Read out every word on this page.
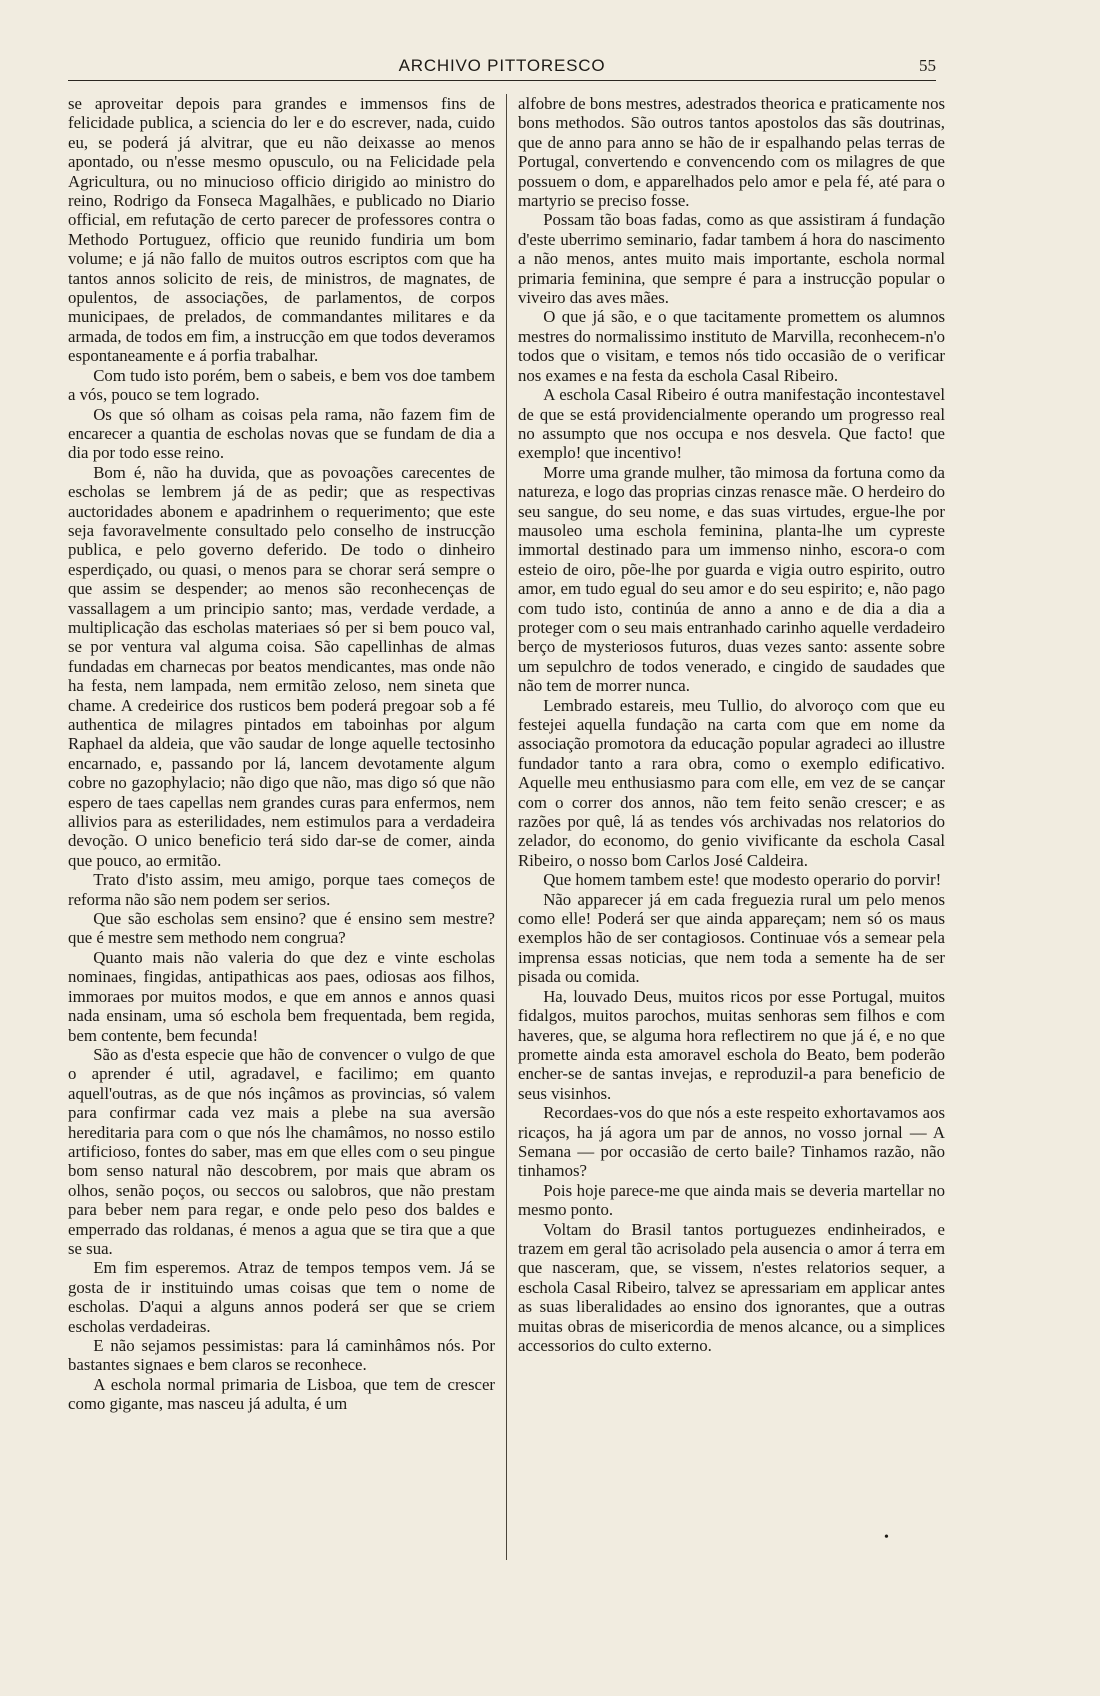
ARCHIVO PITTORESCO	55

se aproveitar depois para grandes e immensos fins de felicidade publica, a sciencia do ler e do escrever, nada, cuido eu, se poderá já alvitrar, que eu não deixasse ao menos apontado, ou n'esse mesmo opusculo, ou na Felicidade pela Agricultura, ou no minucioso officio dirigido ao ministro do reino, Rodrigo da Fonseca Magalhães, e publicado no Diario official, em refutação de certo parecer de professores contra o Methodo Portuguez, officio que reunido fundiria um bom volume; e já não fallo de muitos outros escriptos com que ha tantos annos solicito de reis, de ministros, de magnates, de opulentos, de associações, de parlamentos, de corpos municipaes, de prelados, de commandantes militares e da armada, de todos em fim, a instrucção em que todos deveramos espontaneamente e á porfia trabalhar.

Com tudo isto porém, bem o sabeis, e bem vos doe tambem a vós, pouco se tem logrado.

Os que só olham as coisas pela rama, não fazem fim de encarecer a quantia de escholas novas que se fundam de dia a dia por todo esse reino.

Bom é, não ha duvida, que as povoações carecentes de escholas se lembrem já de as pedir; que as respectivas auctoridades abonem e apadrinhem o requerimento; que este seja favoravelmente consultado pelo conselho de instrucção publica, e pelo governo deferido. De todo o dinheiro esperdiçado, ou quasi, o menos para se chorar será sempre o que assim se despender; ao menos são reconhecenças de vassallagem a um principio santo; mas, verdade verdade, a multiplicação das escholas materiaes só per si bem pouco val, se por ventura val alguma coisa. São capellinhas de almas fundadas em charnecas por beatos mendicantes, mas onde não ha festa, nem lampada, nem ermitão zeloso, nem sineta que chame. A credeirice dos rusticos bem poderá pregoar sob a fé authentica de milagres pintados em taboinhas por algum Raphael da aldeia, que vão saudar de longe aquelle tectosinho encarnado, e, passando por lá, lancem devotamente algum cobre no gazophylacio; não digo que não, mas digo só que não espero de taes capellas nem grandes curas para enfermos, nem allivios para as esterilidades, nem estimulos para a verdadeira devoção. O unico beneficio terá sido dar-se de comer, ainda que pouco, ao ermitão.

Trato d'isto assim, meu amigo, porque taes começos de reforma não são nem podem ser serios.

Que são escholas sem ensino? que é ensino sem mestre? que é mestre sem methodo nem congrua?

Quanto mais não valeria do que dez e vinte escholas nominaes, fingidas, antipathicas aos paes, odiosas aos filhos, immoraes por muitos modos, e que em annos e annos quasi nada ensinam, uma só eschola bem frequentada, bem regida, bem contente, bem fecunda!

São as d'esta especie que hão de convencer o vulgo de que o aprender é util, agradavel, e facilimo; em quanto aquell'outras, as de que nós inçâmos as provincias, só valem para confirmar cada vez mais a plebe na sua aversão hereditaria para com o que nós lhe chamâmos, no nosso estilo artificioso, fontes do saber, mas em que elles com o seu pingue bom senso natural não descobrem, por mais que abram os olhos, senão poços, ou seccos ou salobros, que não prestam para beber nem para regar, e onde pelo peso dos baldes e emperrado das roldanas, é menos a agua que se tira que a que se sua.

Em fim esperemos. Atraz de tempos tempos vem. Já se gosta de ir instituindo umas coisas que tem o nome de escholas. D'aqui a alguns annos poderá ser que se criem escholas verdadeiras.

E não sejamos pessimistas: para lá caminhâmos nós. Por bastantes signaes e bem claros se reconhece.

A eschola normal primaria de Lisboa, que tem de crescer como gigante, mas nasceu já adulta, é um

alfobre de bons mestres, adestrados theorica e praticamente nos bons methodos. São outros tantos apostolos das sãs doutrinas, que de anno para anno se hão de ir espalhando pelas terras de Portugal, convertendo e convencendo com os milagres de que possuem o dom, e apparelhados pelo amor e pela fé, até para o martyrio se preciso fosse.

Possam tão boas fadas, como as que assistiram á fundação d'este uberrimo seminario, fadar tambem á hora do nascimento a não menos, antes muito mais importante, eschola normal primaria feminina, que sempre é para a instrucção popular o viveiro das aves mães.

O que já são, e o que tacitamente promettem os alumnos mestres do normalissimo instituto de Marvilla, reconhecem-n'o todos que o visitam, e temos nós tido occasião de o verificar nos exames e na festa da eschola Casal Ribeiro.

A eschola Casal Ribeiro é outra manifestação incontestavel de que se está providencialmente operando um progresso real no assumpto que nos occupa e nos desvela. Que facto! que exemplo! que incentivo!

Morre uma grande mulher, tão mimosa da fortuna como da natureza, e logo das proprias cinzas renasce mãe. O herdeiro do seu sangue, do seu nome, e das suas virtudes, ergue-lhe por mausoleo uma eschola feminina, planta-lhe um cypreste immortal destinado para um immenso ninho, escora-o com esteio de oiro, põe-lhe por guarda e vigia outro espirito, outro amor, em tudo egual do seu amor e do seu espirito; e, não pago com tudo isto, continúa de anno a anno e de dia a dia a proteger com o seu mais entranhado carinho aquelle verdadeiro berço de mysteriosos futuros, duas vezes santo: assente sobre um sepulchro de todos venerado, e cingido de saudades que não tem de morrer nunca.

Lembrado estareis, meu Tullio, do alvoroço com que eu festejei aquella fundação na carta com que em nome da associação promotora da educação popular agradeci ao illustre fundador tanto a rara obra, como o exemplo edificativo. Aquelle meu enthusiasmo para com elle, em vez de se cançar com o correr dos annos, não tem feito senão crescer; e as razões por quê, lá as tendes vós archivadas nos relatorios do zelador, do economo, do genio vivificante da eschola Casal Ribeiro, o nosso bom Carlos José Caldeira.

Que homem tambem este! que modesto operario do porvir!

Não apparecer já em cada freguezia rural um pelo menos como elle! Poderá ser que ainda appareçam; nem só os maus exemplos hão de ser contagiosos. Continuae vós a semear pela imprensa essas noticias, que nem toda a semente ha de ser pisada ou comida.

Ha, louvado Deus, muitos ricos por esse Portugal, muitos fidalgos, muitos parochos, muitas senhoras sem filhos e com haveres, que, se alguma hora reflectirem no que já é, e no que promette ainda esta amoravel eschola do Beato, bem poderão encher-se de santas invejas, e reproduzil-a para beneficio de seus visinhos.

Recordaes-vos do que nós a este respeito exhortavamos aos ricaços, ha já agora um par de annos, no vosso jornal — A Semana — por occasião de certo baile? Tinhamos razão, não tinhamos?

Pois hoje parece-me que ainda mais se deveria martellar no mesmo ponto.

Voltam do Brasil tantos portuguezes endinheirados, e trazem em geral tão acrisolado pela ausencia o amor á terra em que nasceram, que, se vissem, n'estes relatorios sequer, a eschola Casal Ribeiro, talvez se apressariam em applicar antes as suas liberalidades ao ensino dos ignorantes, que a outras muitas obras de misericordia de menos alcance, ou a simplices accessorios do culto externo.

•
